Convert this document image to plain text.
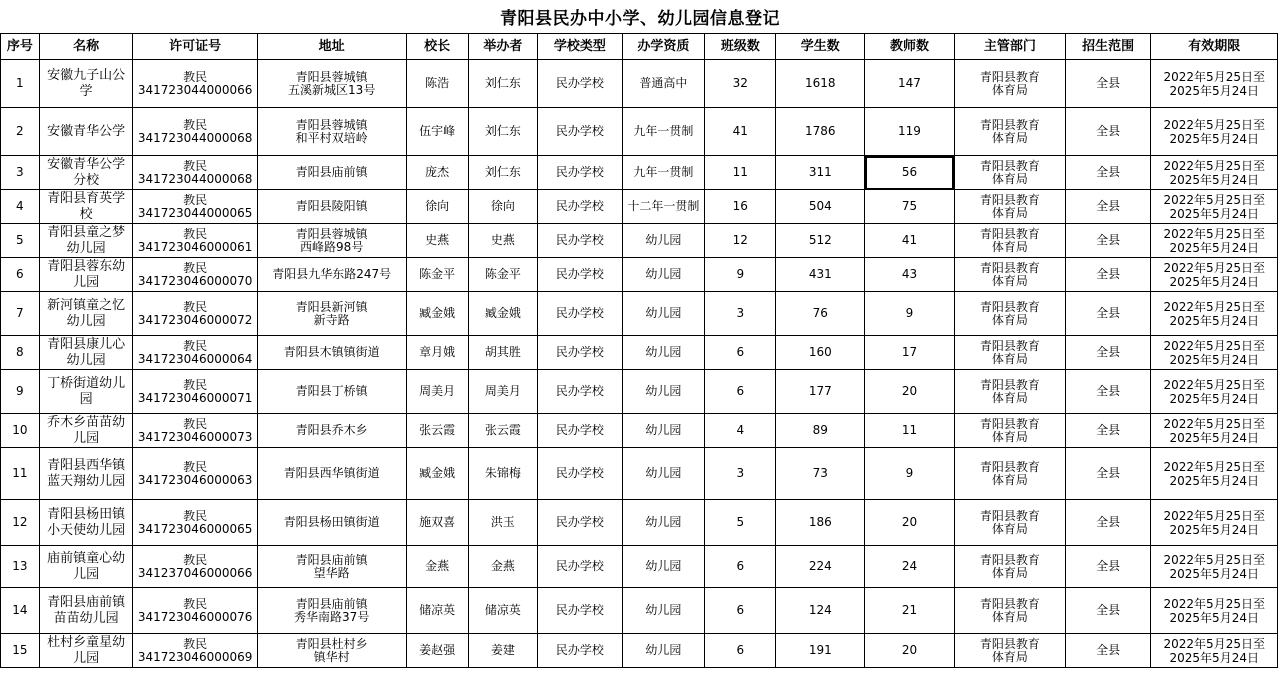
青阳县民办中小学、幼儿园信息登记
序号	名称	许可证号	地址	校长	举办者	学校类型	办学资质	班级数	学生数	教师数	主管部门	招生范围	有效期限
1	安徽九子山公学	教民
341723044000066	青阳县蓉城镇
五溪新城区13号	陈浩	刘仁东	民办学校	普通高中	32	1618	147	青阳县教育
体育局	全县	2022年5月25日至
2025年5月24日
2	安徽青华公学	教民
341723044000068	青阳县蓉城镇
和平村双培岭	伍宇峰	刘仁东	民办学校	九年一贯制	41	1786	119	青阳县教育
体育局	全县	2022年5月25日至
2025年5月24日
3	安徽青华公学分校	教民
341723044000068	青阳县庙前镇	庞杰	刘仁东	民办学校	九年一贯制	11	311	56	青阳县教育
体育局	全县	2022年5月25日至
2025年5月24日
4	青阳县育英学校	教民
341723044000065	青阳县陵阳镇	徐向	徐向	民办学校	十二年一贯制	16	504	75	青阳县教育
体育局	全县	2022年5月25日至
2025年5月24日
5	青阳县童之梦幼儿园	教民
341723046000061	青阳县蓉城镇
西峰路98号	史燕	史燕	民办学校	幼儿园	12	512	41	青阳县教育
体育局	全县	2022年5月25日至
2025年5月24日
6	青阳县蓉东幼儿园	教民
341723046000070	青阳县九华东路247号	陈金平	陈金平	民办学校	幼儿园	9	431	43	青阳县教育
体育局	全县	2022年5月25日至
2025年5月24日
7	新河镇童之忆幼儿园	教民
341723046000072	青阳县新河镇
新寺路	臧金娥	臧金娥	民办学校	幼儿园	3	76	9	青阳县教育
体育局	全县	2022年5月25日至
2025年5月24日
8	青阳县康儿心幼儿园	教民
341723046000064	青阳县木镇镇街道	章月娥	胡其胜	民办学校	幼儿园	6	160	17	青阳县教育
体育局	全县	2022年5月25日至
2025年5月24日
9	丁桥街道幼儿园	教民
341723046000071	青阳县丁桥镇	周美月	周美月	民办学校	幼儿园	6	177	20	青阳县教育
体育局	全县	2022年5月25日至
2025年5月24日
10	乔木乡苗苗幼儿园	教民
341723046000073	青阳县乔木乡	张云霞	张云霞	民办学校	幼儿园	4	89	11	青阳县教育
体育局	全县	2022年5月25日至
2025年5月24日
11	青阳县西华镇蓝天翔幼儿园	教民
341723046000063	青阳县西华镇街道	臧金娥	朱锦梅	民办学校	幼儿园	3	73	9	青阳县教育
体育局	全县	2022年5月25日至
2025年5月24日
12	青阳县杨田镇小天使幼儿园	教民
341723046000065	青阳县杨田镇街道	施双喜	洪玉	民办学校	幼儿园	5	186	20	青阳县教育
体育局	全县	2022年5月25日至
2025年5月24日
13	庙前镇童心幼儿园	教民
341237046000066	青阳县庙前镇
望华路	金燕	金燕	民办学校	幼儿园	6	224	24	青阳县教育
体育局	全县	2022年5月25日至
2025年5月24日
14	青阳县庙前镇苗苗幼儿园	教民
341723046000076	青阳县庙前镇
秀华南路37号	储凉英	储凉英	民办学校	幼儿园	6	124	21	青阳县教育
体育局	全县	2022年5月25日至
2025年5月24日
15	杜村乡童星幼儿园	教民
341723046000069	青阳县杜村乡
镇华村	姜赵强	姜建	民办学校	幼儿园	6	191	20	青阳县教育
体育局	全县	2022年5月25日至
2025年5月24日
